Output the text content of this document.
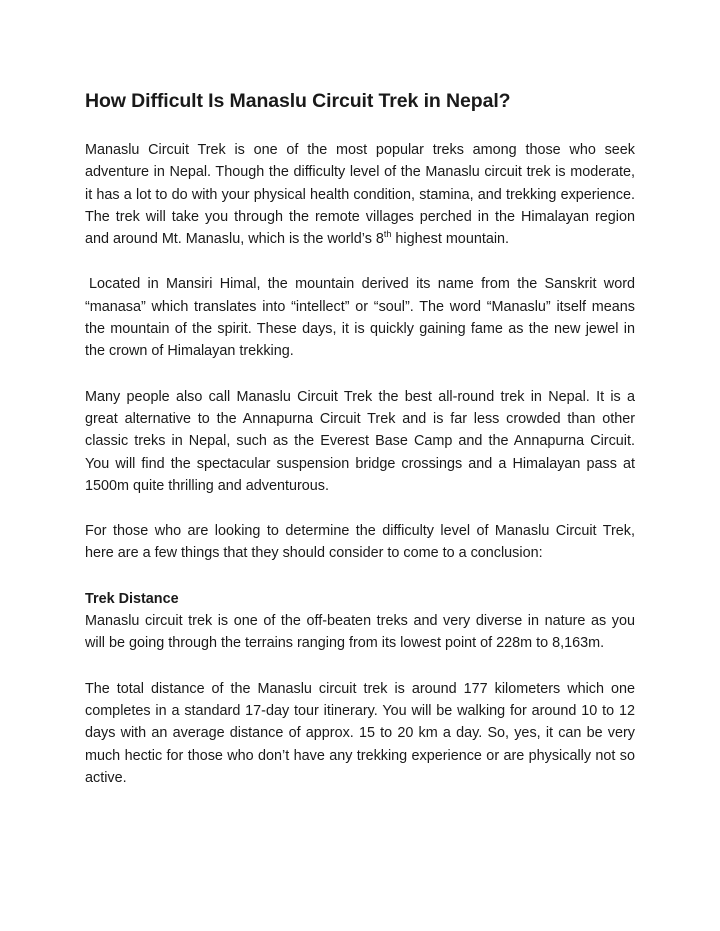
How Difficult Is Manaslu Circuit Trek in Nepal?

Manaslu Circuit Trek is one of the most popular treks among those who seek adventure in Nepal. Though the difficulty level of the Manaslu circuit trek is moderate, it has a lot to do with your physical health condition, stamina, and trekking experience. The trek will take you through the remote villages perched in the Himalayan region and around Mt. Manaslu, which is the world’s 8th highest mountain.

Located in Mansiri Himal, the mountain derived its name from the Sanskrit word “manasa” which translates into “intellect” or “soul”. The word “Manaslu” itself means the mountain of the spirit. These days, it is quickly gaining fame as the new jewel in the crown of Himalayan trekking.

Many people also call Manaslu Circuit Trek the best all-round trek in Nepal. It is a great alternative to the Annapurna Circuit Trek and is far less crowded than other classic treks in Nepal, such as the Everest Base Camp and the Annapurna Circuit. You will find the spectacular suspension bridge crossings and a Himalayan pass at 1500m quite thrilling and adventurous.

For those who are looking to determine the difficulty level of Manaslu Circuit Trek, here are a few things that they should consider to come to a conclusion:

Trek Distance

Manaslu circuit trek is one of the off-beaten treks and very diverse in nature as you will be going through the terrains ranging from its lowest point of 228m to 8,163m.

The total distance of the Manaslu circuit trek is around 177 kilometers which one completes in a standard 17-day tour itinerary. You will be walking for around 10 to 12 days with an average distance of approx. 15 to 20 km a day. So, yes, it can be very much hectic for those who don’t have any trekking experience or are physically not so active.
